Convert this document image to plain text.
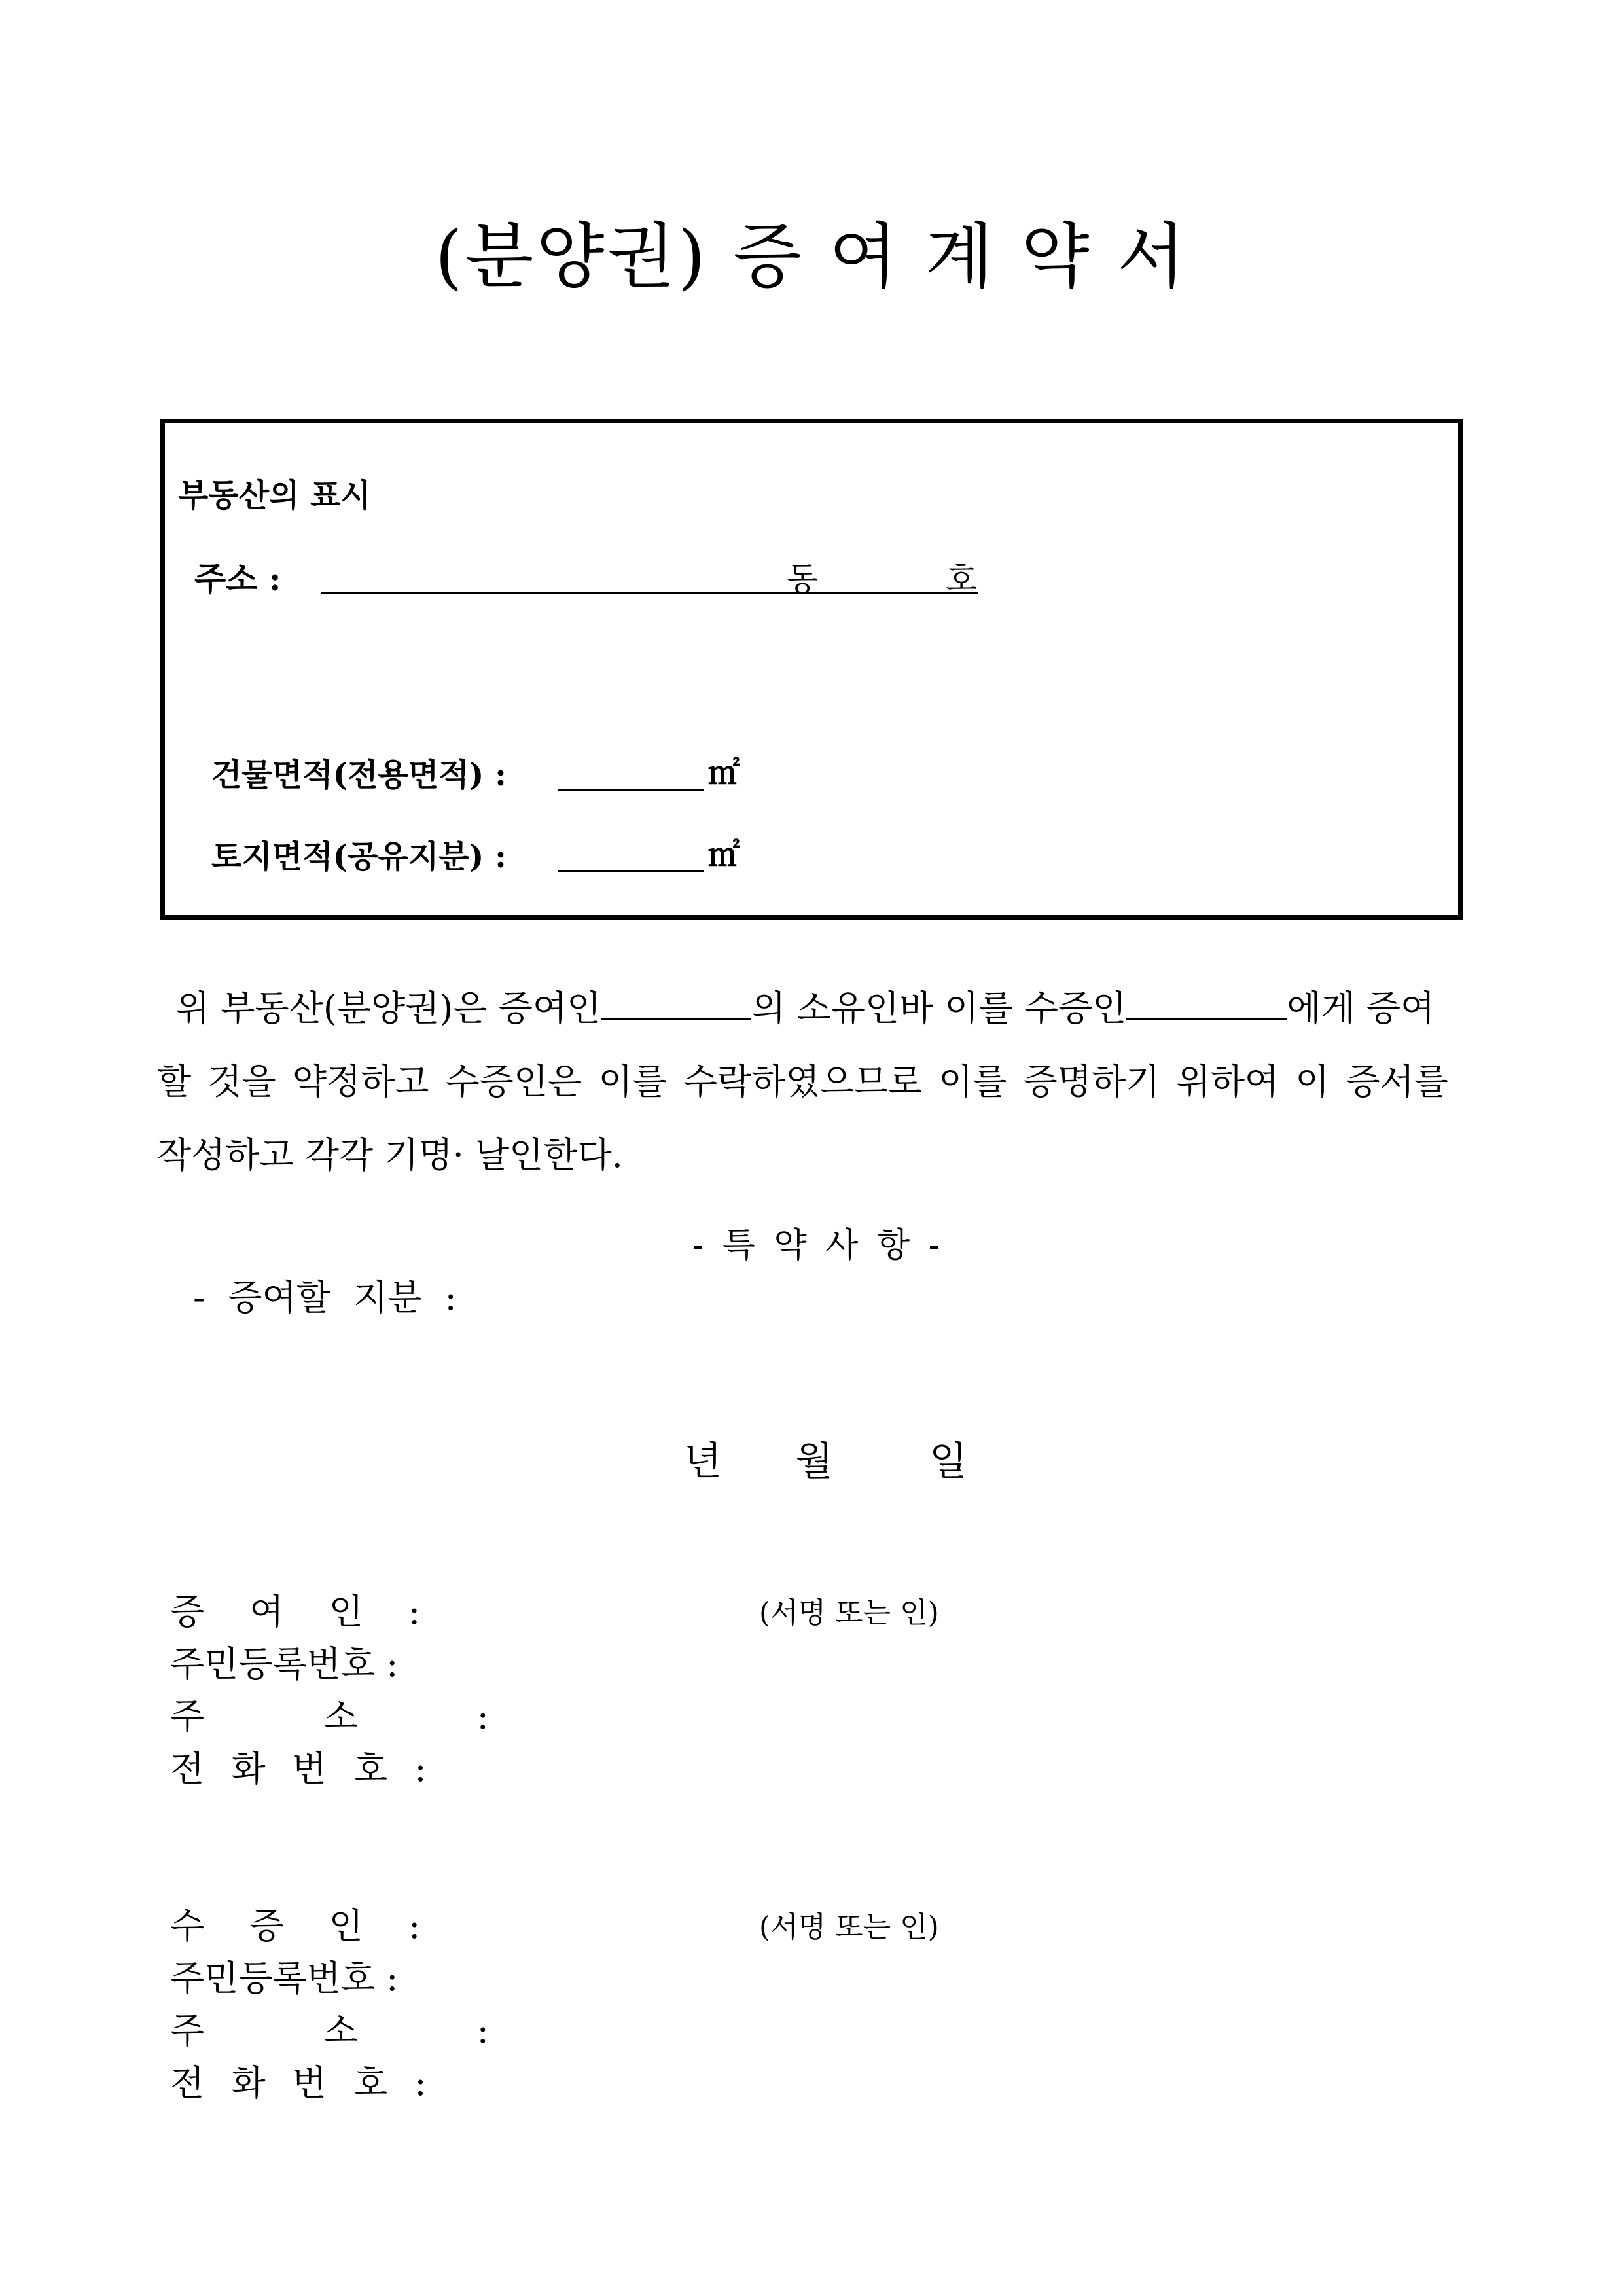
(분양권) 증 여 계 약 서
부동산의 표시
주소 :	동	호
건물면적(전용면적) :	㎡
토지면적(공유지분) :	㎡
위 부동산(분양권)은 증여인	의 소유인바 이를 수증인	에게 증여
할 것을 약정하고 수증인은 이를 수락하였으므로 이를 증명하기 위하여 이 증서를
작성하고 각각 기명· 날인한다.
- 특 약 사 항 -
- 증여할 지분 :
년 월 일
증 여 인 :	(서명 또는 인)
주민등록번호 :
주 소 :
전 화 번 호 :
수 증 인 :	(서명 또는 인)
주민등록번호 :
주 소 :
전 화 번 호 :
